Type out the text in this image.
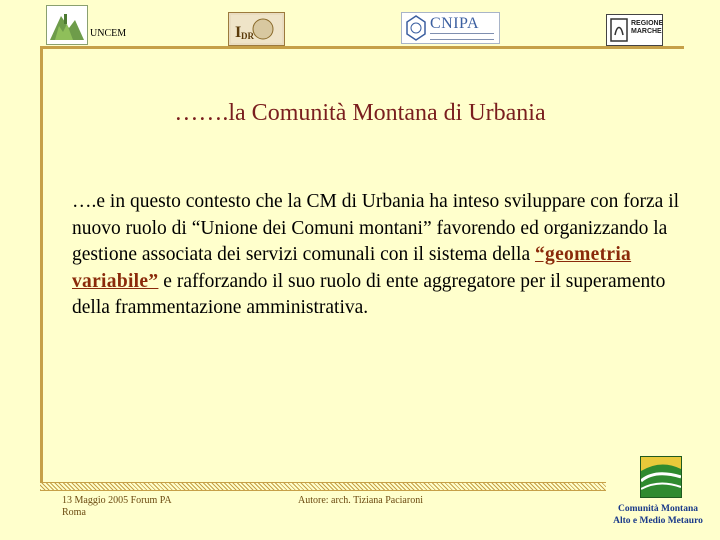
UNCEM	I DR
CNIPA	REGIONE
MARCHE
…….la Comunità Montana di Urbania

….e in questo contesto che la CM di Urbania ha inteso sviluppare con forza il nuovo ruolo di “Unione dei Comuni montani” favorendo ed organizzando la gestione associata dei servizi comunali con il sistema della “geometria variabile” e rafforzando il suo ruolo di ente aggregatore per il superamento della frammentazione amministrativa.

13 Maggio 2005 Forum PA
Roma
Autore: arch. Tiziana Paciaroni
Comunità Montana
Alto e Medio Metauro
